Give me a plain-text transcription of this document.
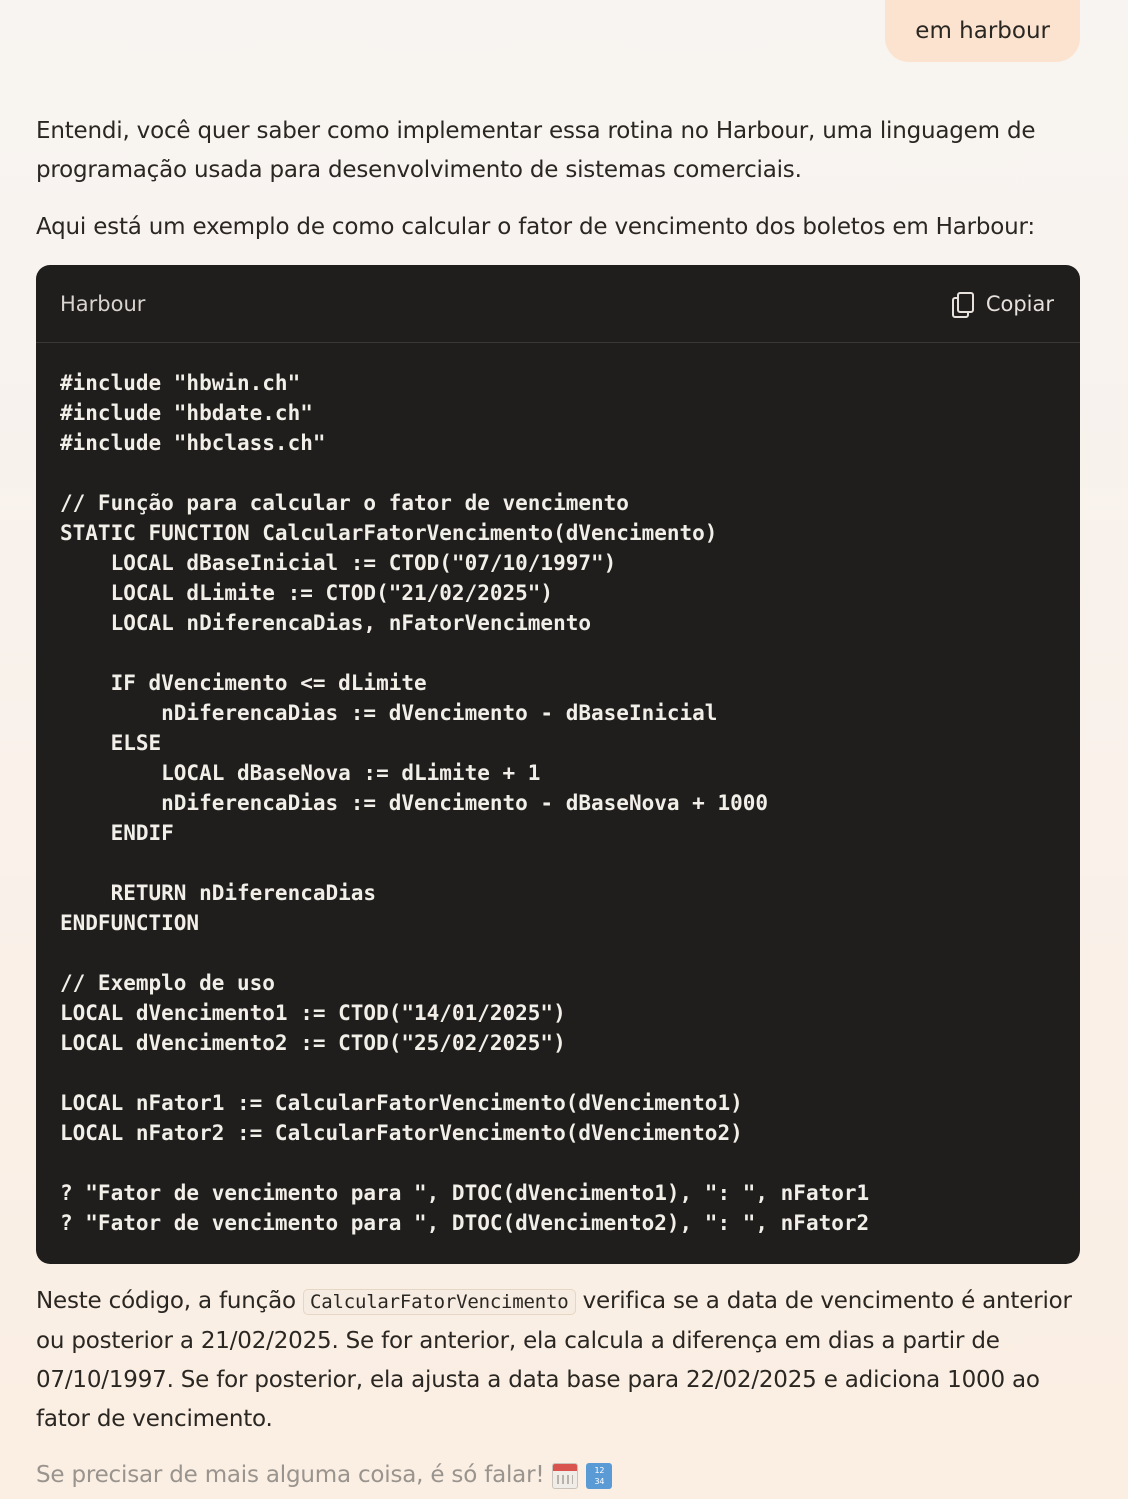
em harbour

Entendi, você quer saber como implementar essa rotina no Harbour, uma linguagem de programação usada para desenvolvimento de sistemas comerciais.

Aqui está um exemplo de como calcular o fator de vencimento dos boletos em Harbour:

Harbour	Copiar
#include "hbwin.ch"
#include "hbdate.ch"
#include "hbclass.ch"

// Função para calcular o fator de vencimento
STATIC FUNCTION CalcularFatorVencimento(dVencimento)
LOCAL dBaseInicial := CTOD("07/10/1997")
LOCAL dLimite := CTOD("21/02/2025")
LOCAL nDiferencaDias, nFatorVencimento

IF dVencimento <= dLimite
nDiferencaDias := dVencimento - dBaseInicial
ELSE
LOCAL dBaseNova := dLimite + 1
nDiferencaDias := dVencimento - dBaseNova + 1000
ENDIF

RETURN nDiferencaDias
ENDFUNCTION

// Exemplo de uso
LOCAL dVencimento1 := CTOD("14/01/2025")
LOCAL dVencimento2 := CTOD("25/02/2025")

LOCAL nFator1 := CalcularFatorVencimento(dVencimento1)
LOCAL nFator2 := CalcularFatorVencimento(dVencimento2)

? "Fator de vencimento para ", DTOC(dVencimento1), ": ", nFator1
? "Fator de vencimento para ", DTOC(dVencimento2), ": ", nFator2

Neste código, a função CalcularFatorVencimento verifica se a data de vencimento é anterior ou posterior a 21/02/2025. Se for anterior, ela calcula a diferença em dias a partir de 07/10/1997. Se for posterior, ela ajusta a data base para 22/02/2025 e adiciona 1000 ao fator de vencimento.

Se precisar de mais alguma coisa, é só falar!	12
34
